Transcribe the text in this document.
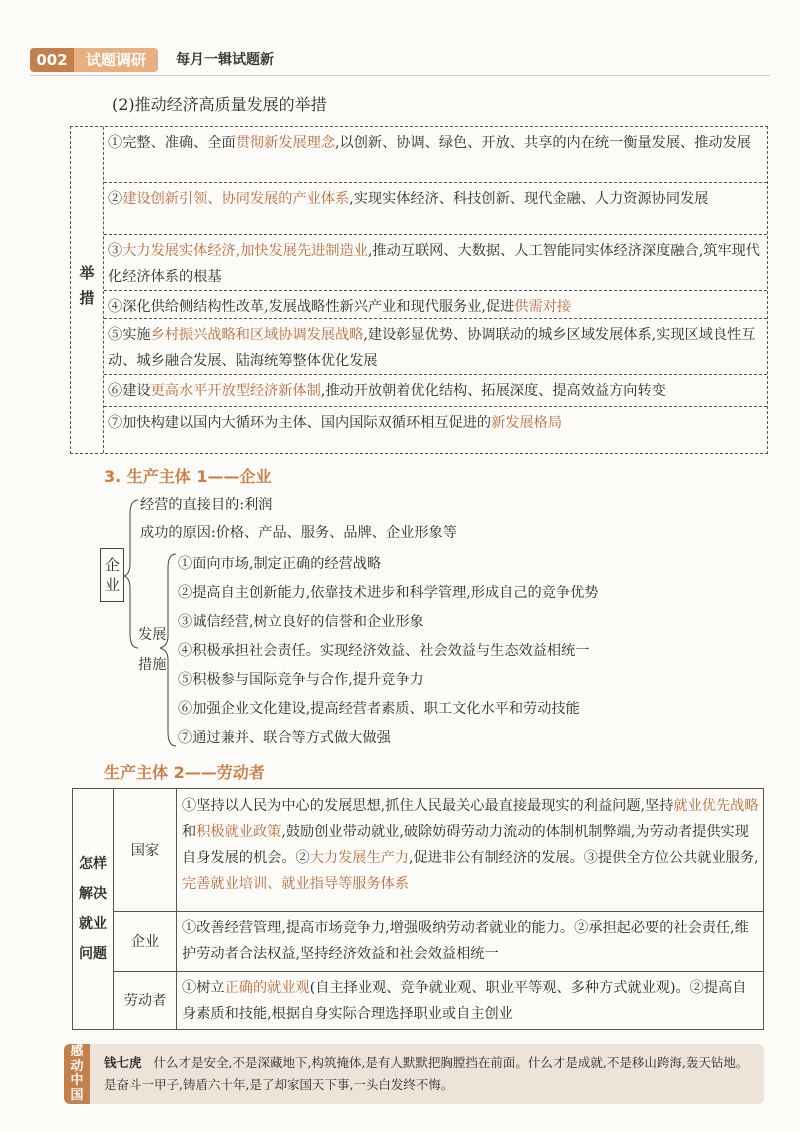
002	试题调研	每月一辑试题新
(2)推动经济高质量发展的举措
举措
①完整、准确、全面贯彻新发展理念,以创新、协调、绿色、开放、共享的内在统一衡量发展、推动发展
②建设创新引领、协同发展的产业体系,实现实体经济、科技创新、现代金融、人力资源协同发展
③大力发展实体经济,加快发展先进制造业,推动互联网、大数据、人工智能同实体经济深度融合,筑牢现代化经济体系的根基
④深化供给侧结构性改革,发展战略性新兴产业和现代服务业,促进供需对接
⑤实施乡村振兴战略和区域协调发展战略,建设彰显优势、协调联动的城乡区域发展体系,实现区域良性互动、城乡融合发展、陆海统筹整体优化发展
⑥建设更高水平开放型经济新体制,推动开放朝着优化结构、拓展深度、提高效益方向转变
⑦加快构建以国内大循环为主体、国内国际双循环相互促进的新发展格局
3. 生产主体 1——企业
企业
经营的直接目的:利润
成功的原因:价格、产品、服务、品牌、企业形象等
发展
措施
①面向市场,制定正确的经营战略
②提高自主创新能力,依靠技术进步和科学管理,形成自己的竞争优势
③诚信经营,树立良好的信誉和企业形象
④积极承担社会责任。实现经济效益、社会效益与生态效益相统一
⑤积极参与国际竞争与合作,提升竞争力
⑥加强企业文化建设,提高经营者素质、职工文化水平和劳动技能
⑦通过兼并、联合等方式做大做强
生产主体 2——劳动者
怎样
解决
就业
问题
国家
①坚持以人民为中心的发展思想,抓住人民最关心最直接最现实的利益问题,坚持就业优先战略和积极就业政策,鼓励创业带动就业,破除妨碍劳动力流动的体制机制弊端,为劳动者提供实现自身发展的机会。②大力发展生产力,促进非公有制经济的发展。③提供全方位公共就业服务,完善就业培训、就业指导等服务体系
企业
①改善经营管理,提高市场竞争力,增强吸纳劳动者就业的能力。②承担起必要的社会责任,维护劳动者合法权益,坚持经济效益和社会效益相统一
劳动者
①树立正确的就业观(自主择业观、竞争就业观、职业平等观、多种方式就业观)。②提高自身素质和技能,根据自身实际合理选择职业或自主创业
感
动
中
国
钱七虎 什么才是安全,不是深藏地下,构筑掩体,是有人默默把胸膛挡在前面。什么才是成就,不是移山跨海,轰天钻地。是奋斗一甲子,铸盾六十年,是了却家国天下事,一头白发终不悔。
